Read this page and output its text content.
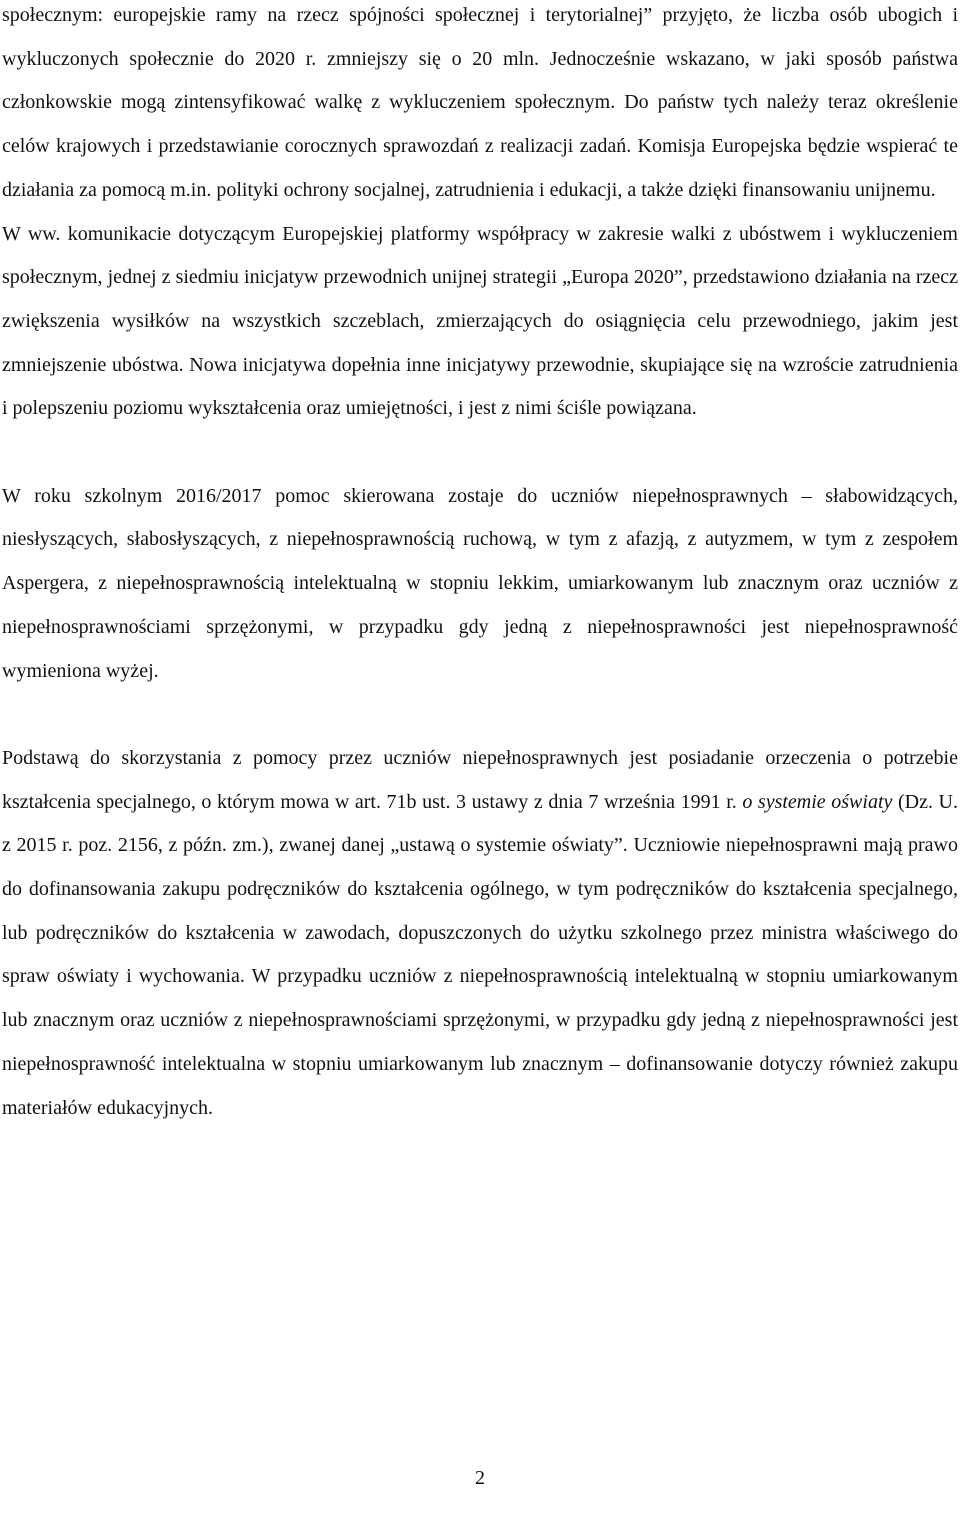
społecznym: europejskie ramy na rzecz spójności społecznej i terytorialnej” przyjęto, że liczba osób ubogich i wykluczonych społecznie do 2020 r. zmniejszy się o 20 mln. Jednocześnie wskazano, w jaki sposób państwa członkowskie mogą zintensyfikować walkę z wykluczeniem społecznym. Do państw tych należy teraz określenie celów krajowych i przedstawianie corocznych sprawozdań z realizacji zadań. Komisja Europejska będzie wspierać te działania za pomocą m.in. polityki ochrony socjalnej, zatrudnienia i edukacji, a także dzięki finansowaniu unijnemu.

W ww. komunikacie dotyczącym Europejskiej platformy współpracy w zakresie walki z ubóstwem i wykluczeniem społecznym, jednej z siedmiu inicjatyw przewodnich unijnej strategii „Europa 2020”, przedstawiono działania na rzecz zwiększenia wysiłków na wszystkich szczeblach, zmierzających do osiągnięcia celu przewodniego, jakim jest zmniejszenie ubóstwa. Nowa inicjatywa dopełnia inne inicjatywy przewodnie, skupiające się na wzroście zatrudnienia i polepszeniu poziomu wykształcenia oraz umiejętności, i jest z nimi ściśle powiązana.

W roku szkolnym 2016/2017 pomoc skierowana zostaje do uczniów niepełnosprawnych – słabowidzących, niesłyszących, słabosłyszących, z niepełnosprawnością ruchową, w tym z afazją, z autyzmem, w tym z zespołem Aspergera, z niepełnosprawnością intelektualną w stopniu lekkim, umiarkowanym lub znacznym oraz uczniów z niepełnosprawnościami sprzężonymi, w przypadku gdy jedną z niepełnosprawności jest niepełnosprawność wymieniona wyżej.

Podstawą do skorzystania z pomocy przez uczniów niepełnosprawnych jest posiadanie orzeczenia o potrzebie kształcenia specjalnego, o którym mowa w art. 71b ust. 3 ustawy z dnia 7 września 1991 r. o systemie oświaty (Dz. U. z 2015 r. poz. 2156, z późn. zm.), zwanej danej „ustawą o systemie oświaty”. Uczniowie niepełnosprawni mają prawo do dofinansowania zakupu podręczników do kształcenia ogólnego, w tym podręczników do kształcenia specjalnego, lub podręczników do kształcenia w zawodach, dopuszczonych do użytku szkolnego przez ministra właściwego do spraw oświaty i wychowania. W przypadku uczniów z niepełnosprawnością intelektualną w stopniu umiarkowanym lub znacznym oraz uczniów z niepełnosprawnościami sprzężonymi, w przypadku gdy jedną z niepełnosprawności jest niepełnosprawność intelektualna w stopniu umiarkowanym lub znacznym – dofinansowanie dotyczy również zakupu materiałów edukacyjnych.

2
